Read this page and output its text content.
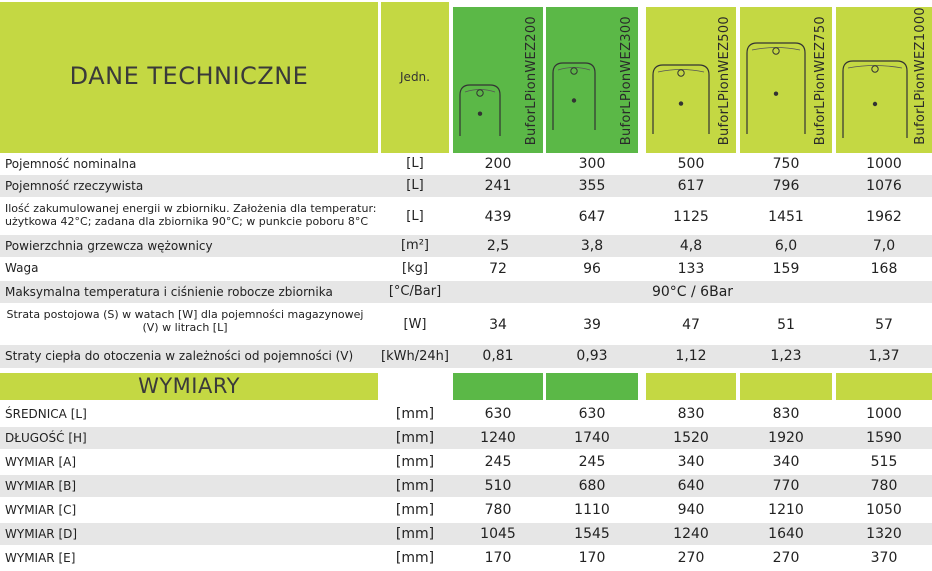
DANE TECHNICZNE	Jedn.	BuforLPionWEZ200	BuforLPionWEZ300	BuforLPionWEZ500	BuforLPionWEZ750	BuforLPionWEZ1000
Pojemność nominalna	[L]	200	300	500	750	1000
Pojemność rzeczywista	[L]	241	355	617	796	1076
Ilość zakumulowanej energii w zbiorniku. Założenia dla temperatur: użytkowa 42°C; zadana dla zbiornika 90°C; w punkcie poboru 8°C	[L]	439	647	1125	1451	1962
Powierzchnia grzewcza wężownicy	[m²]	2,5	3,8	4,8	6,0	7,0
Waga	[kg]	72	96	133	159	168
Maksymalna temperatura i ciśnienie robocze zbiornika	[°C/Bar]	90°C / 6Bar
Strata postojowa (S) w watach [W] dla pojemności magazynowej (V) w litrach [L]	[W]	34	39	47	51	57
Straty ciepła do otoczenia w zależności od pojemności (V)	[kWh/24h]	0,81	0,93	1,12	1,23	1,37
WYMIARY
ŚREDNICA [L]	[mm]	630	630	830	830	1000
DŁUGOŚĆ [H]	[mm]	1240	1740	1520	1920	1590
WYMIAR [A]	[mm]	245	245	340	340	515
WYMIAR [B]	[mm]	510	680	640	770	780
WYMIAR [C]	[mm]	780	1110	940	1210	1050
WYMIAR [D]	[mm]	1045	1545	1240	1640	1320
WYMIAR [E]	[mm]	170	170	270	270	370
